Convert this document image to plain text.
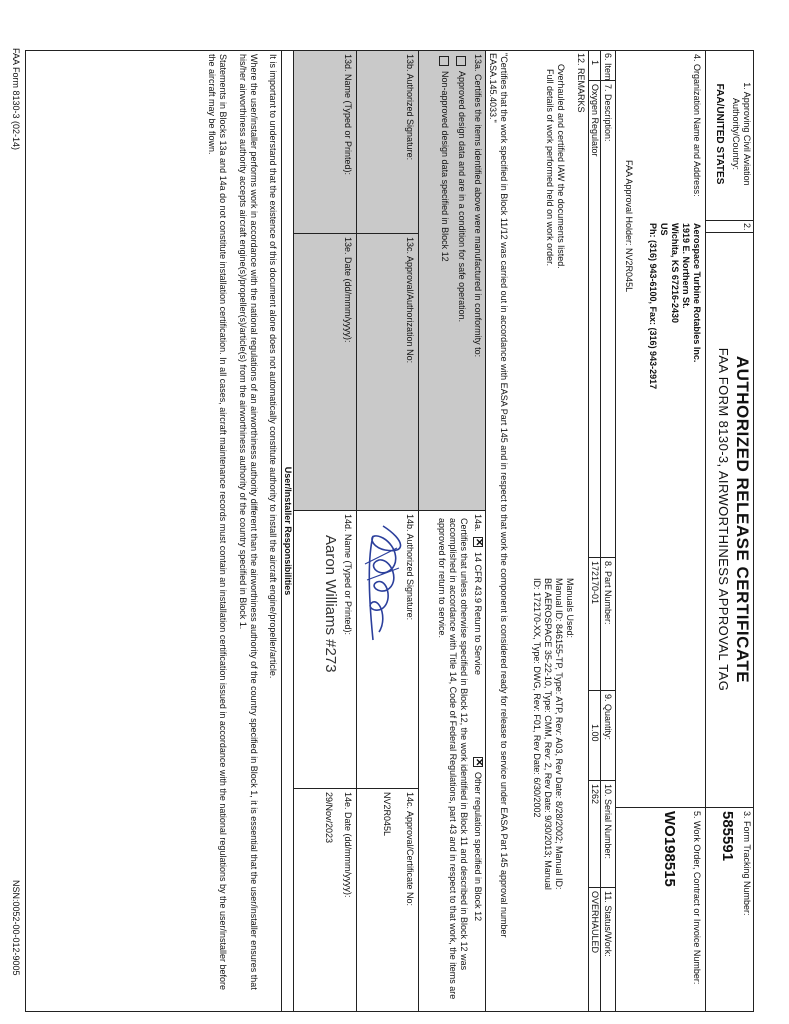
1. Approving Civil Aviation Authority/Country:
FAA/UNITED STATES
2.
AUTHORIZED RELEASE CERTIFICATE
FAA FORM 8130-3, AIRWORTHINESS APPROVAL TAG
3. Form Tracking Number:
585591
4. Organization Name and Address:
Aerospace Turbine Rotables Inc.
1919 E. Northern St.
Wichita, KS 67216-2430
US
Ph: (316) 943-6100, Fax: (316) 943-2917
FAA Approval Holder: NV2R045L
5. Work Order, Contract or Invoice Number:
WO198515
6. Item
7. Description:
8. Part Number:
9. Quantity:
10. Serial Number:
11. Status/Work:
1
Oxygen Regulator
172170-01
1.00
1262
OVERHAULED
12. REMARKS
Overhauled and certified IAW the documents listed.
Full details of work performed held on work order.
Manuals Used:
Manual ID: 846155-TP, Type: ATP, Rev: A03, Rev Date: 8/28/2002; Manual ID:
BE AEROSPACE 35-22-10, Type: CMM, Rev: 2, Rev Date: 9/30/2013; Manual
ID: 172170-XX, Type: DWG, Rev: F01, Rev Date: 6/30/2002
"Certifies that the work specified in Block 11/12 was carried out in accordance with EASA Part 145 and in respect to that work the component is considered ready for release to service under EASA Part 145 approval number EASA.145.4033."
13a. Certifies the items identified above were manufactured in conformity to:
Approved design data and are in a condition for safe operation.
Non-approved design data specified in Block 12
13b. Authorized Signature:
13c. Approval/Authorization No:
13d. Name (Typed or Printed):
13e. Date (dd/mmm/yyyy):
14a.
✕
14 CFR 43.9 Return to Service
✕
Other regulation specified in Block 12
Certifies that unless otherwise specified in Block 12, the work identified in Block 11 and described in Block 12 was accomplished in accordance with Title 14, Code of Federal Regulations, part 43 and in respect to that work, the items are approved for return to service.
14b. Authorized Signature:
14c. Approval/Certificate No:
NV2R045L
14d. Name (Typed or Printed):
Aaron Williams #273
14e. Date (dd/mmm/yyyy):
29/Nov/2023
User/Installer Responsibilities
It is important to understand that the existence of this document alone does not automatically constitute authority to install the aircraft engine/propeller/article.
Where the user/installer performs work in accordance with the national regulations of an airworthiness authority different than the airworthiness authority of the country specified in Block 1, it is essential that the user/installer ensures that his/her airworthiness authority accepts aircraft engine(s)/propeller(s)/article(s) from the airworthiness authority of the country specified in Block 1.
Statements in Blocks 13a and 14a do not constitute installation certification. In all cases, aircraft maintenance records must contain an installation certification issued in accordance with the national regulations by the user/installer before the aircraft may be flown.
FAA Form 8130-3 (02-14)
NSN:0052-00-012-9005
